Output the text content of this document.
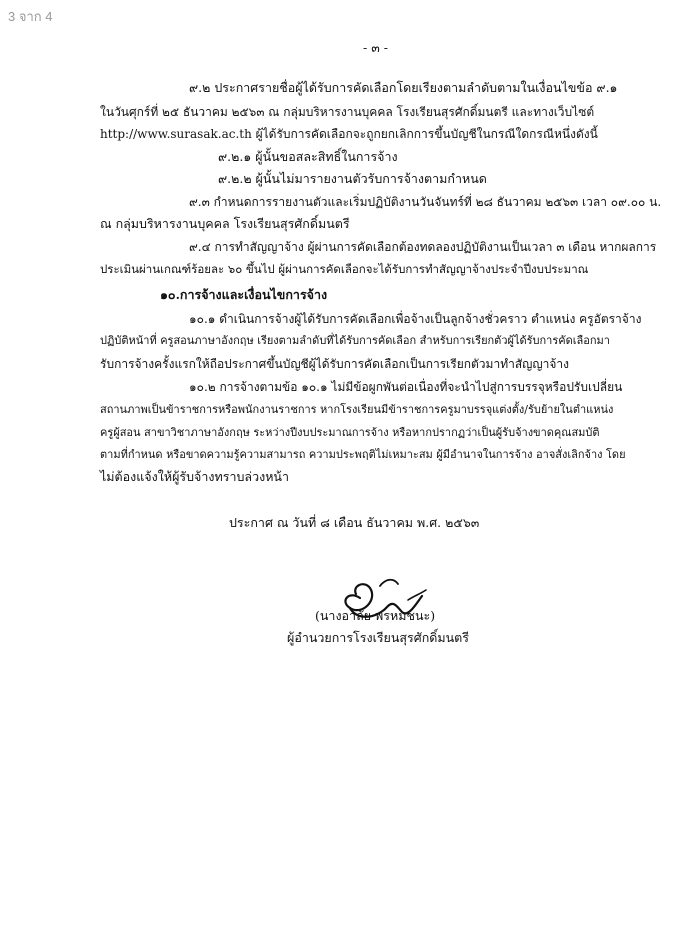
3 จาก 4
- ๓ -
๙.๒ ประกาศรายชื่อผู้ได้รับการคัดเลือกโดยเรียงตามลำดับตามในเงื่อนไขข้อ ๙.๑
ในวันศุกร์ที่ ๒๕ ธันวาคม ๒๕๖๓ ณ กลุ่มบริหารงานบุคคล โรงเรียนสุรศักดิ์มนตรี และทางเว็บไซต์
http://www.surasak.ac.th ผู้ได้รับการคัดเลือกจะถูกยกเลิกการขึ้นบัญชีในกรณีใดกรณีหนึ่งดังนี้
๙.๒.๑ ผู้นั้นขอสละสิทธิ์ในการจ้าง
๙.๒.๒ ผู้นั้นไม่มารายงานตัวรับการจ้างตามกำหนด
๙.๓ กำหนดการรายงานตัวและเริ่มปฏิบัติงานวันจันทร์ที่ ๒๘ ธันวาคม ๒๕๖๓ เวลา ๐๙.๐๐ น.
ณ กลุ่มบริหารงานบุคคล โรงเรียนสุรศักดิ์มนตรี
๙.๔ การทำสัญญาจ้าง ผู้ผ่านการคัดเลือกต้องทดลองปฏิบัติงานเป็นเวลา ๓ เดือน หากผลการ
ประเมินผ่านเกณฑ์ร้อยละ ๖๐ ขึ้นไป ผู้ผ่านการคัดเลือกจะได้รับการทำสัญญาจ้างประจำปีงบประมาณ
๑๐.การจ้างและเงื่อนไขการจ้าง
๑๐.๑ ดำเนินการจ้างผู้ได้รับการคัดเลือกเพื่อจ้างเป็นลูกจ้างชั่วคราว ตำแหน่ง ครูอัตราจ้าง
ปฏิบัติหน้าที่ ครูสอนภาษาอังกฤษ เรียงตามลำดับที่ได้รับการคัดเลือก สำหรับการเรียกตัวผู้ได้รับการคัดเลือกมา
รับการจ้างครั้งแรกให้ถือประกาศขึ้นบัญชีผู้ได้รับการคัดเลือกเป็นการเรียกตัวมาทำสัญญาจ้าง
๑๐.๒ การจ้างตามข้อ ๑๐.๑ ไม่มีข้อผูกพันต่อเนื่องที่จะนำไปสู่การบรรจุหรือปรับเปลี่ยน
สถานภาพเป็นข้าราชการหรือพนักงานราชการ หากโรงเรียนมีข้าราชการครูมาบรรจุแต่งตั้ง/รับย้ายในตำแหน่ง
ครูผู้สอน สาขาวิชาภาษาอังกฤษ ระหว่างปีงบประมาณการจ้าง หรือหากปรากฏว่าเป็นผู้รับจ้างขาดคุณสมบัติ
ตามที่กำหนด หรือขาดความรู้ความสามารถ ความประพฤติไม่เหมาะสม ผู้มีอำนาจในการจ้าง อาจสั่งเลิกจ้าง โดย
ไม่ต้องแจ้งให้ผู้รับจ้างทราบล่วงหน้า
ประกาศ ณ วันที่ ๘ เดือน ธันวาคม พ.ศ. ๒๕๖๓
(นางอาลัย พรหมชนะ)
ผู้อำนวยการโรงเรียนสุรศักดิ์มนตรี
